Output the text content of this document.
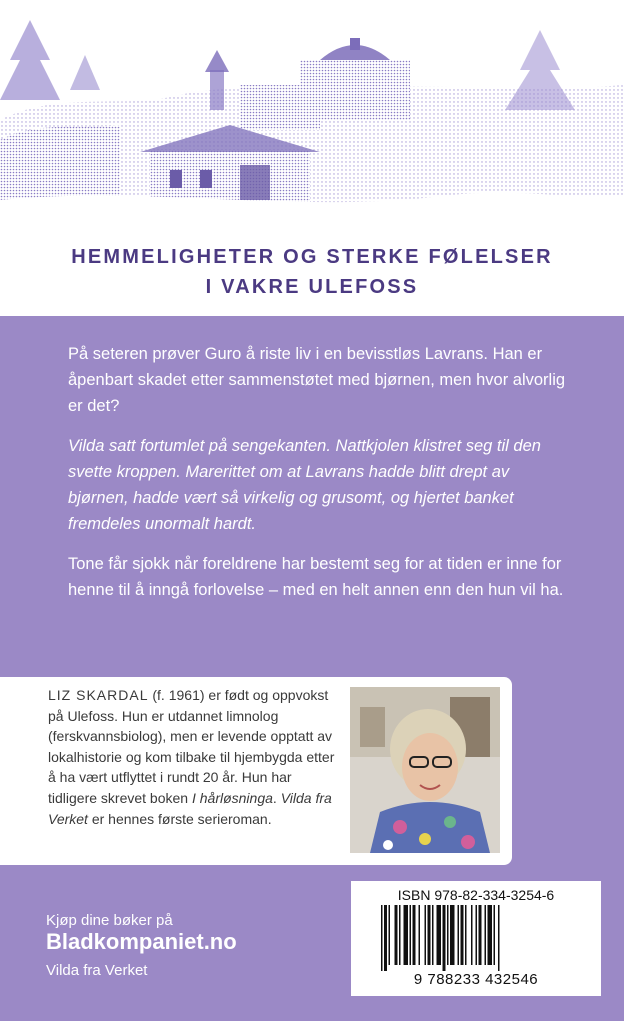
HEMMELIGHETER OG STERKE FØLELSER
I VAKRE ULEFOSS

På seteren prøver Guro å riste liv i en bevisstløs Lavrans. Han er åpenbart skadet etter sammenstøtet med bjørnen, men hvor alvorlig er det?

Vilda satt fortumlet på sengekanten. Nattkjolen klistret seg til den svette kroppen. Marerittet om at Lavrans hadde blitt drept av bjørnen, hadde vært så virkelig og grusomt, og hjertet banket fremdeles unormalt hardt.

Tone får sjokk når foreldrene har bestemt seg for at tiden er inne for henne til å inngå forlovelse – med en helt annen enn den hun vil ha.

LIZ SKARDAL (f. 1961) er født og oppvokst på Ulefoss. Hun er utdannet limnolog (ferskvannsbiolog), men er levende opptatt av lokalhistorie og kom tilbake til hjembygda etter å ha vært utflyttet i rundt 20 år. Hun har tidligere skrevet boken I hårløsninga. Vilda fra Verket er hennes første serieroman.
Kjøp dine bøker på
Bladkompaniet.no
Vilda fra Verket
ISBN 978-82-334-3254-6
9 788233 432546
